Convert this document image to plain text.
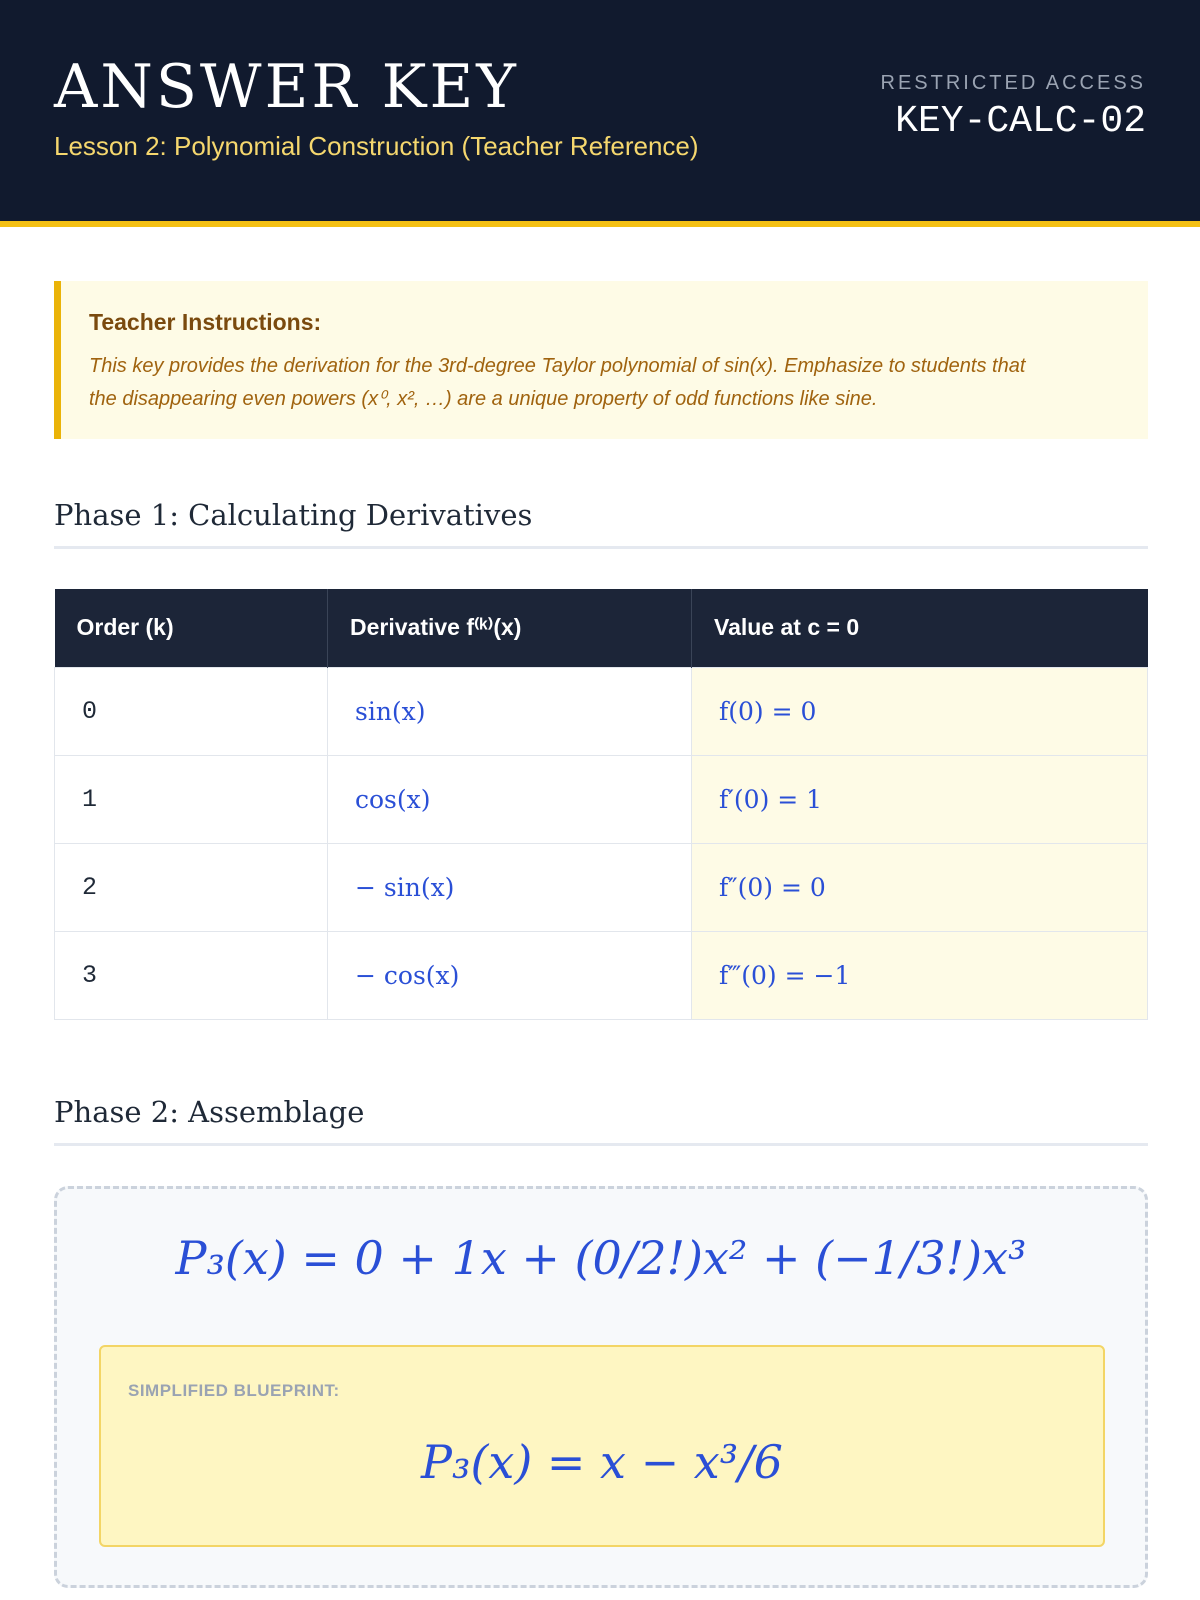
ANSWER KEY
Lesson 2: Polynomial Construction (Teacher Reference)
RESTRICTED ACCESS
KEY-CALC-02
Teacher Instructions:
This key provides the derivation for the 3rd-degree Taylor polynomial of sin(x). Emphasize to students that
the disappearing even powers (x⁰, x², …) are a unique property of odd functions like sine.
Phase 1: Calculating Derivatives
Order (k)	Derivative f⁽ᵏ⁾(x)	Value at c = 0
0	sin(x)	f(0) = 0
1	cos(x)	f′(0) = 1
2	− sin(x)	f″(0) = 0
3	− cos(x)	f‴(0) = −1
Phase 2: Assemblage
P₃(x) = 0 + 1x + (0/2!)x² + (−1/3!)x³
SIMPLIFIED BLUEPRINT:
P₃(x) = x − x³/6
